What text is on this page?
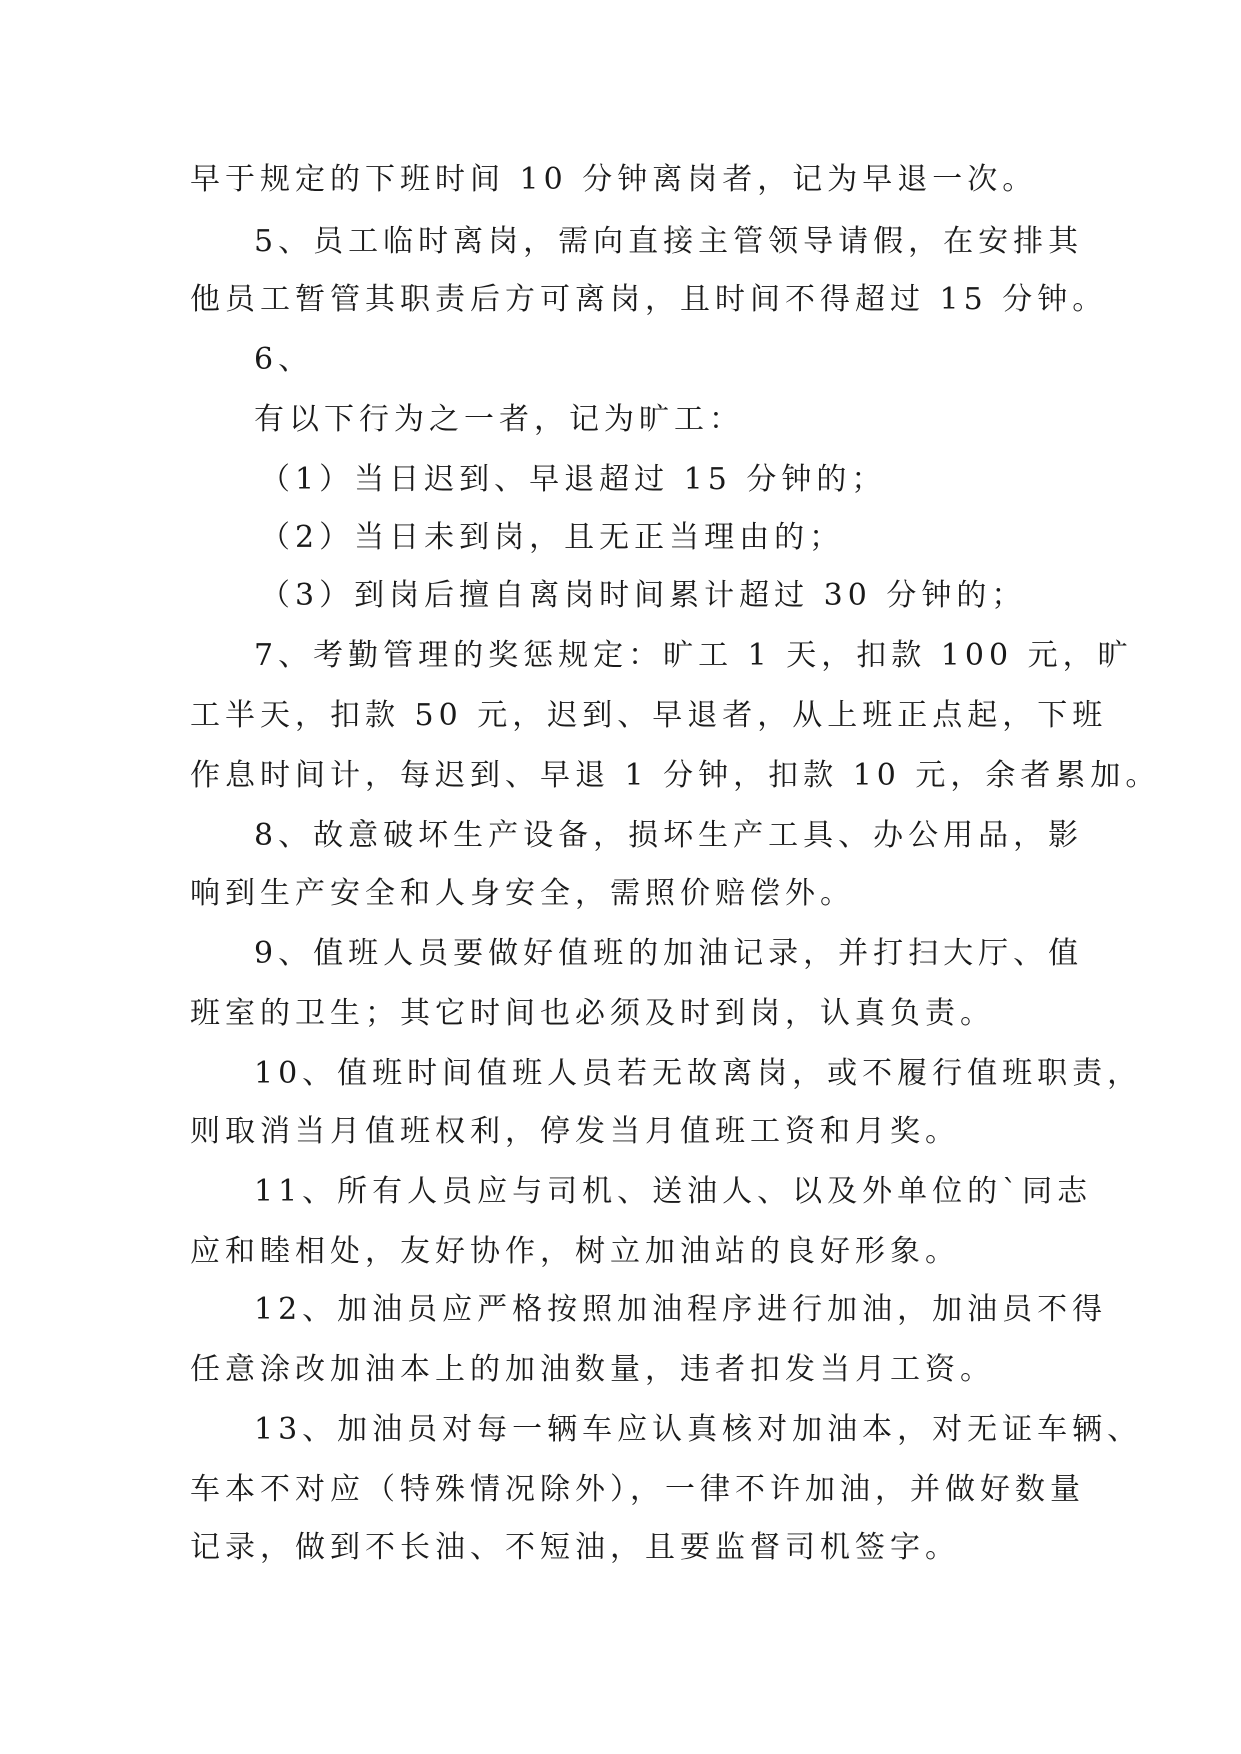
早于规定的下班时间 10 分钟离岗者，记为早退一次。
5、员工临时离岗，需向直接主管领导请假，在安排其
他员工暂管其职责后方可离岗，且时间不得超过 15 分钟。
6、
有以下行为之一者，记为旷工：
（1）当日迟到、早退超过 15 分钟的；
（2）当日未到岗，且无正当理由的；
（3）到岗后擅自离岗时间累计超过 30 分钟的；
7、考勤管理的奖惩规定：旷工 1 天，扣款 100 元，旷
工半天，扣款 50 元，迟到、早退者，从上班正点起，下班
作息时间计，每迟到、早退 1 分钟，扣款 10 元，余者累加。
8、故意破坏生产设备，损坏生产工具、办公用品，影
响到生产安全和人身安全，需照价赔偿外。
9、值班人员要做好值班的加油记录，并打扫大厅、值
班室的卫生；其它时间也必须及时到岗，认真负责。
10、值班时间值班人员若无故离岗，或不履行值班职责，
则取消当月值班权利，停发当月值班工资和月奖。
11、所有人员应与司机、送油人、以及外单位的`同志
应和睦相处，友好协作，树立加油站的良好形象。
12、加油员应严格按照加油程序进行加油，加油员不得
任意涂改加油本上的加油数量，违者扣发当月工资。
13、加油员对每一辆车应认真核对加油本，对无证车辆、
车本不对应（特殊情况除外），一律不许加油，并做好数量
记录，做到不长油、不短油，且要监督司机签字。
